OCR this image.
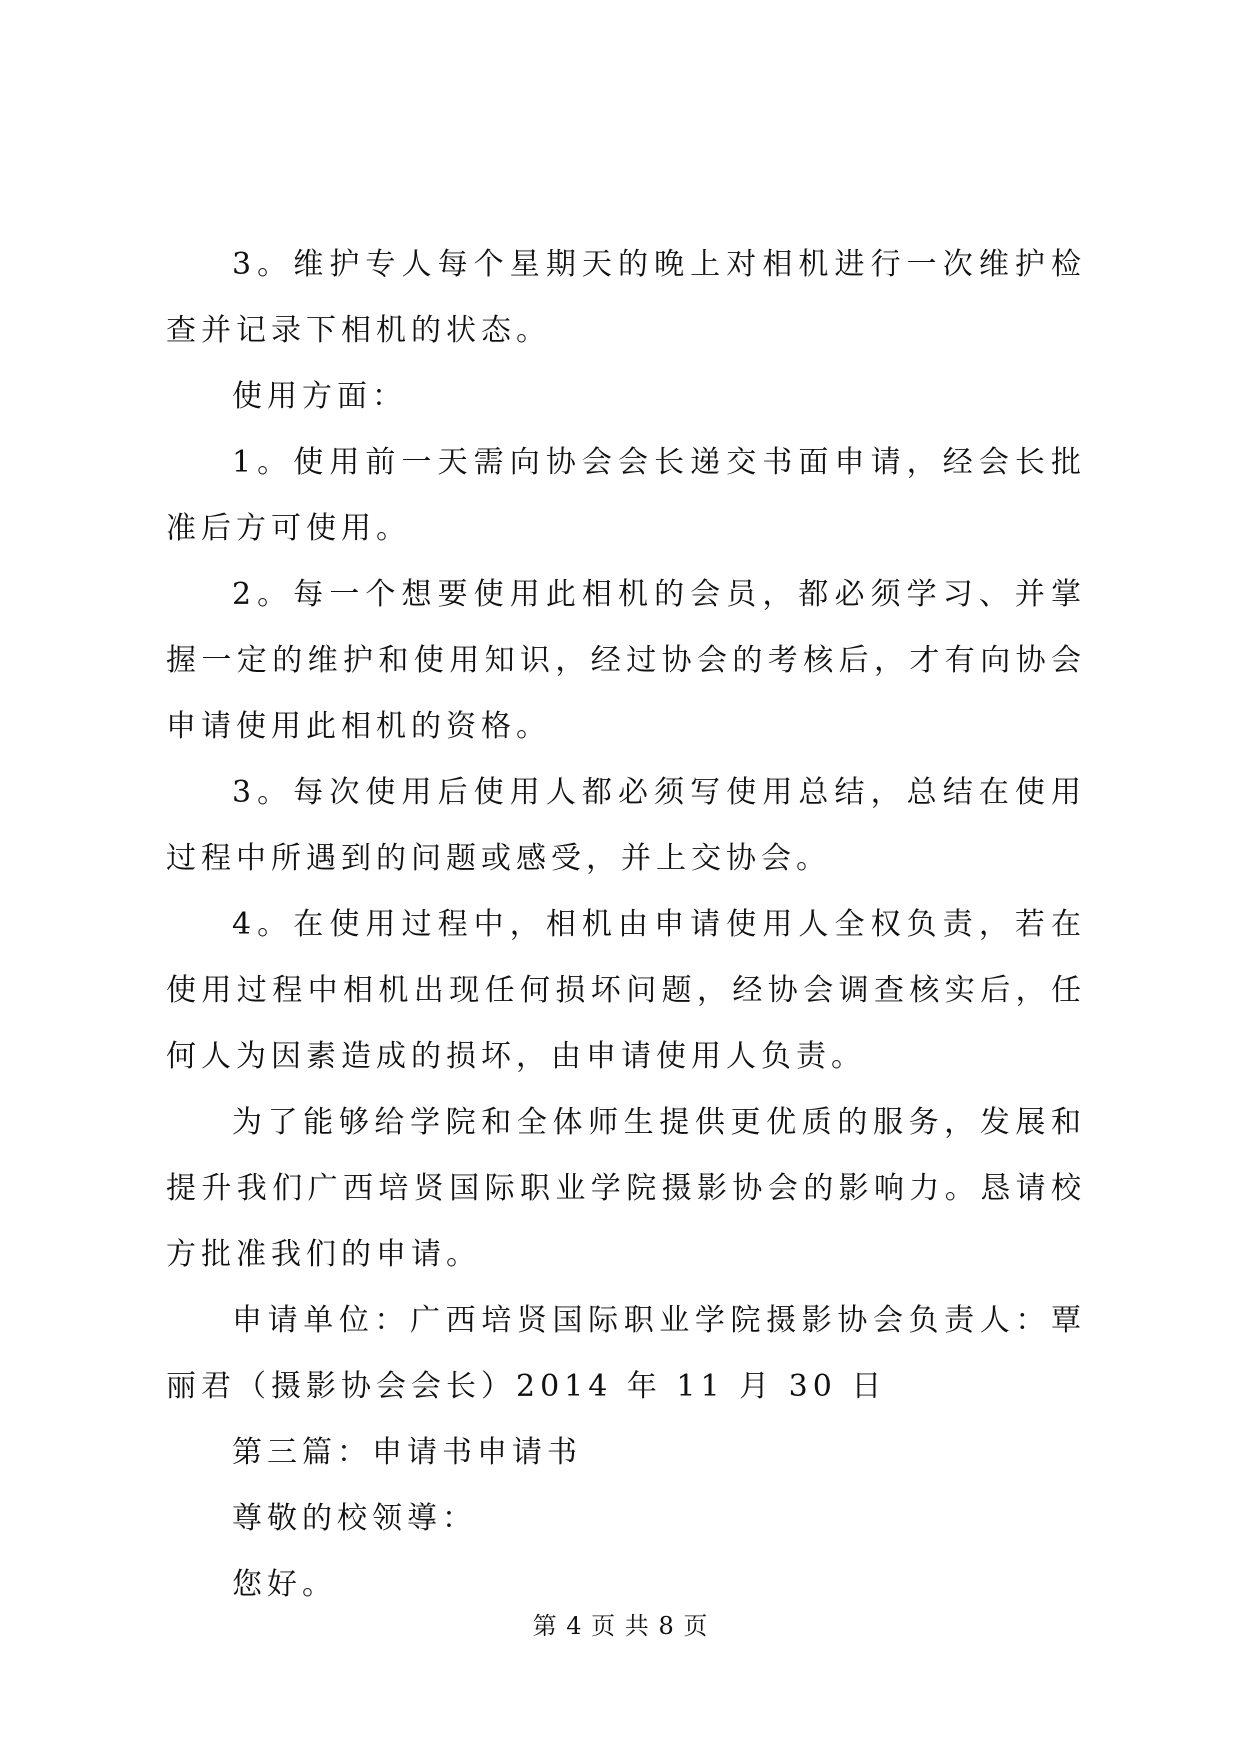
3。维护专人每个星期天的晚上对相机进行一次维护检查并记录下相机的状态。

使用方面：

1。使用前一天需向协会会长递交书面申请，经会长批准后方可使用。

2。每一个想要使用此相机的会员，都必须学习、并掌握一定的维护和使用知识，经过协会的考核后，才有向协会申请使用此相机的资格。

3。每次使用后使用人都必须写使用总结，总结在使用过程中所遇到的问题或感受，并上交协会。

4。在使用过程中，相机由申请使用人全权负责，若在使用过程中相机出现任何损坏问题，经协会调查核实后，任何人为因素造成的损坏，由申请使用人负责。

为了能够给学院和全体师生提供更优质的服务，发展和提升我们广西培贤国际职业学院摄影协会的影响力。恳请校方批准我们的申请。

申请单位：广西培贤国际职业学院摄影协会负责人：覃丽君（摄影协会会长）2014 年 11 月 30 日

第三篇：申请书申请书

尊敬的校领導：

您好。

第 4 页 共 8 页
